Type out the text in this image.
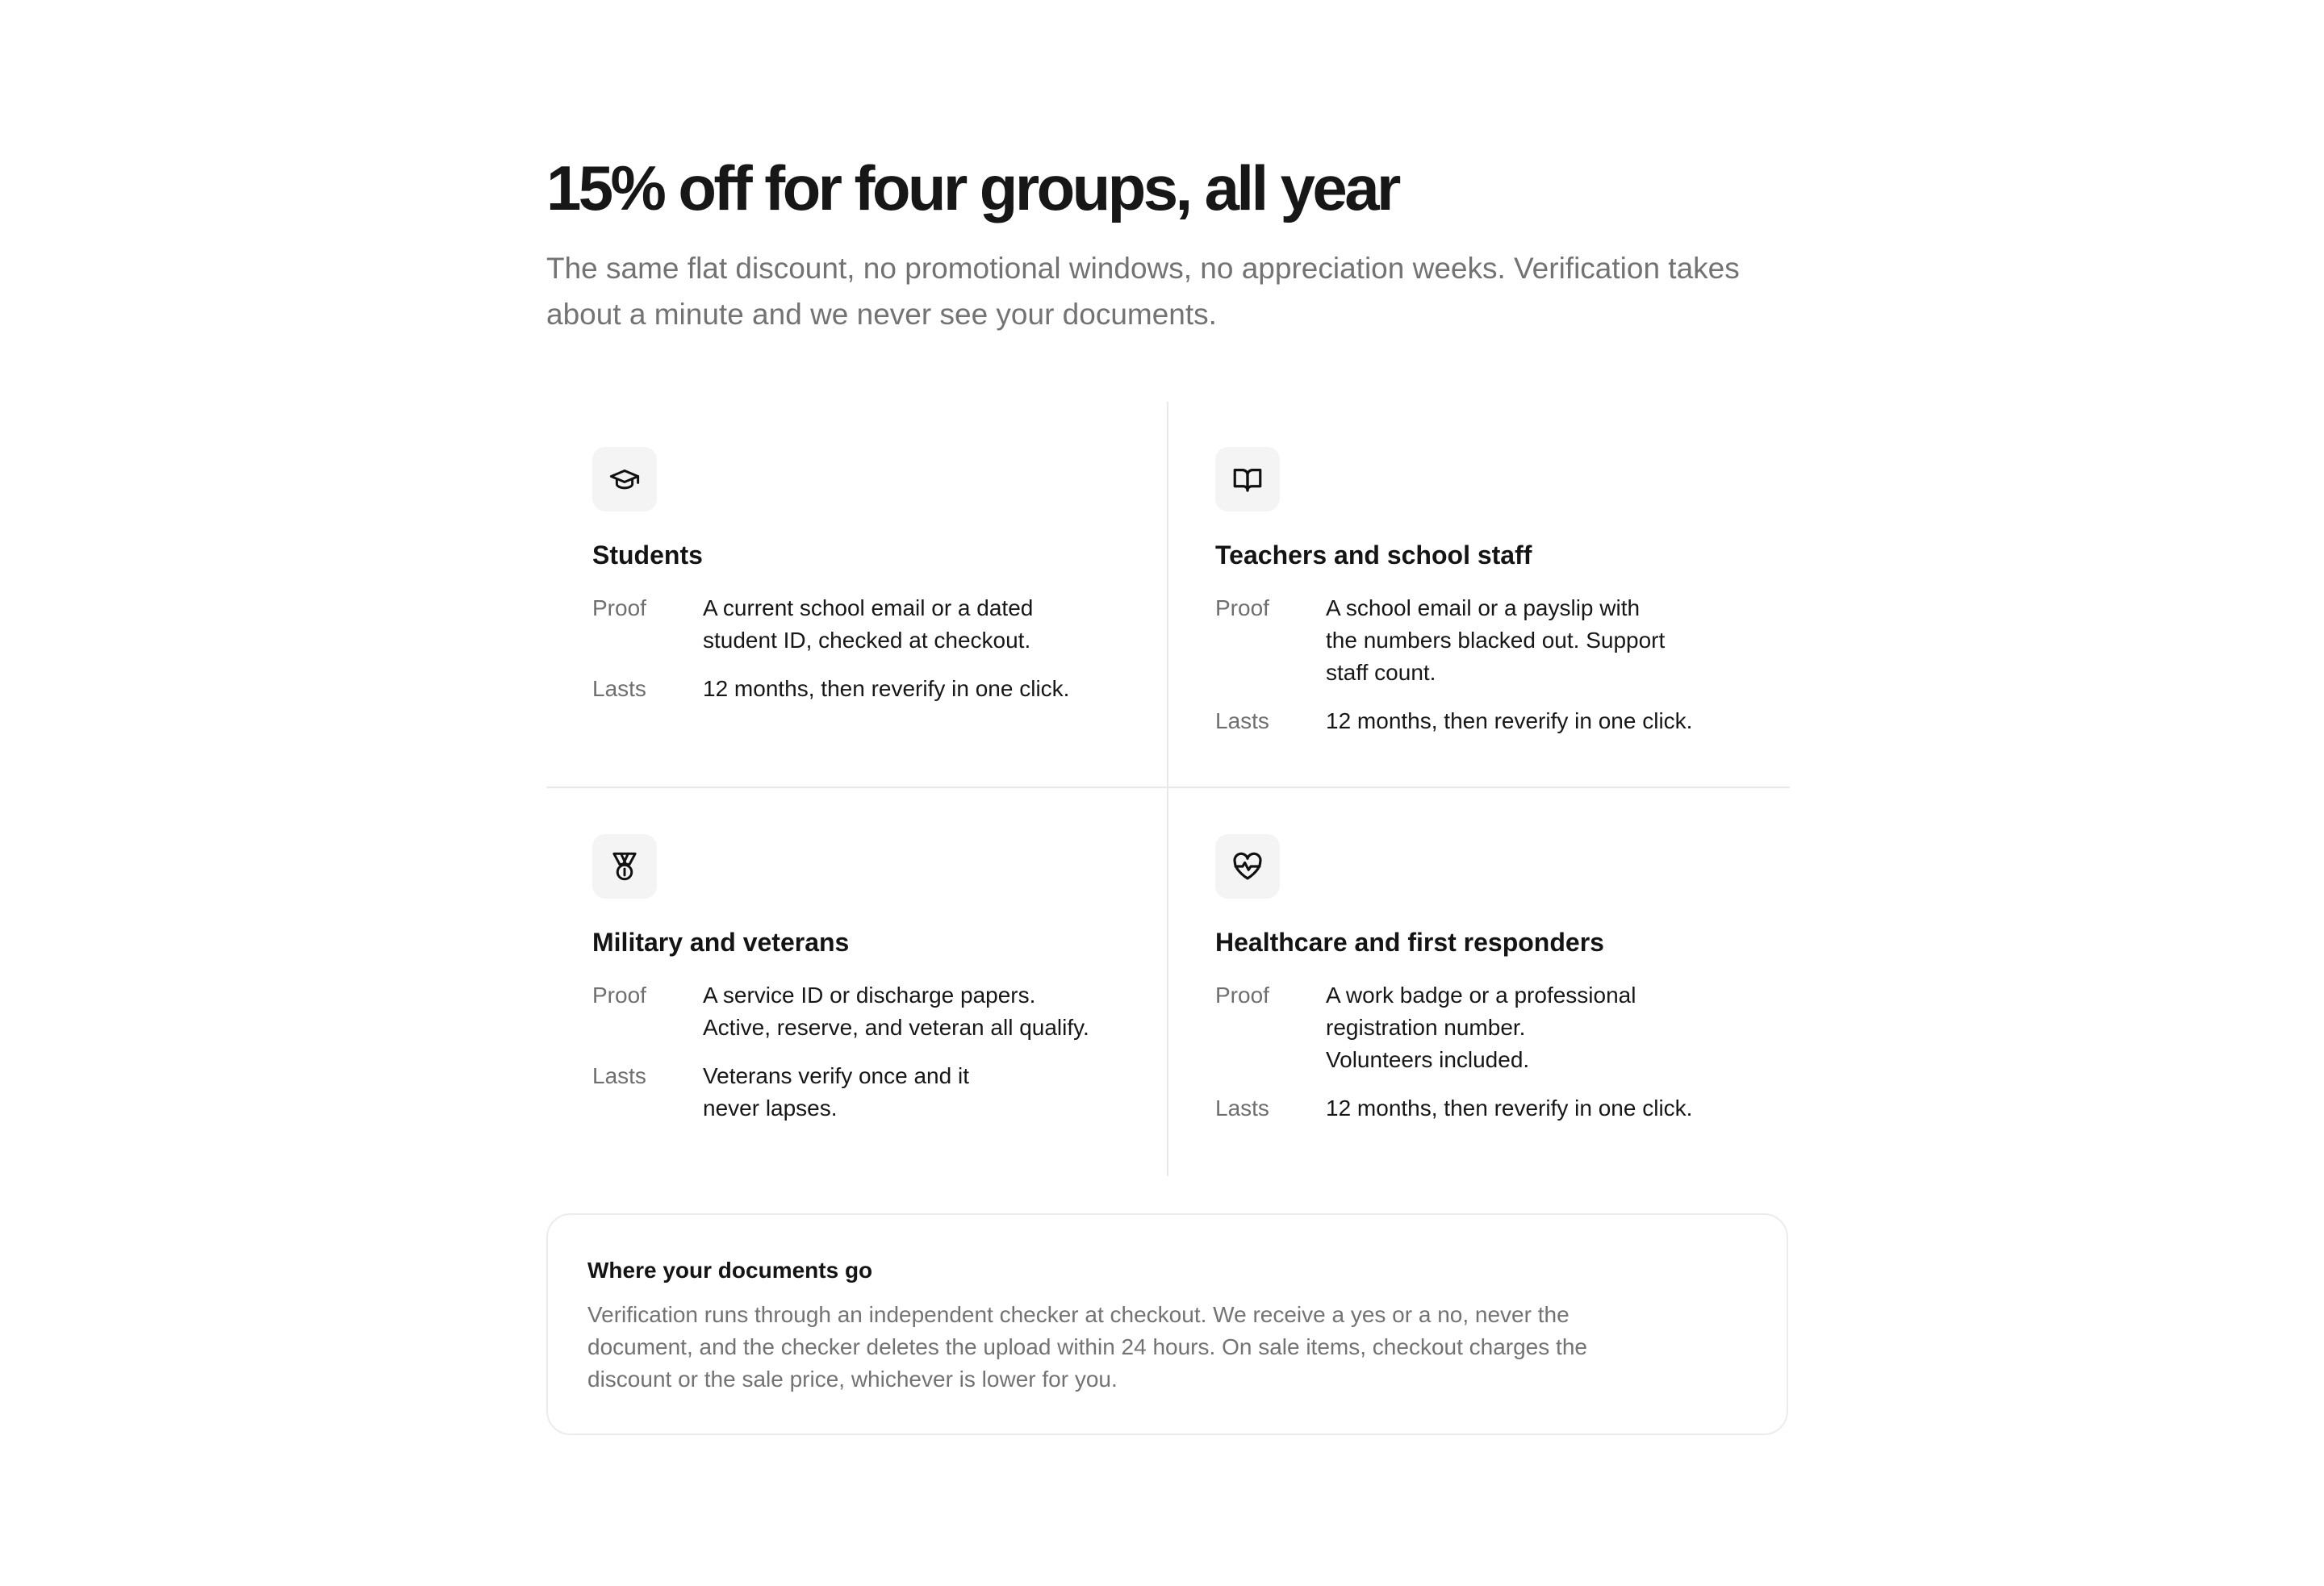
15% off for four groups, all year

The same flat discount, no promotional windows, no appreciation weeks. Verification takes about a minute and we never see your documents.

Students
Proof	A current school email or a dated
student ID, checked at checkout.
Lasts	12 months, then reverify in one click.
Teachers and school staff
Proof	A school email or a payslip with
the numbers blacked out. Support
staff count.
Lasts	12 months, then reverify in one click.
Military and veterans
Proof	A service ID or discharge papers.
Active, reserve, and veteran all qualify.
Lasts	Veterans verify once and it
never lapses.
Healthcare and first responders
Proof	A work badge or a professional
registration number.
Volunteers included.
Lasts	12 months, then reverify in one click.
Where your documents go

Verification runs through an independent checker at checkout. We receive a yes or a no, never the
document, and the checker deletes the upload within 24 hours. On sale items, checkout charges the
discount or the sale price, whichever is lower for you.
